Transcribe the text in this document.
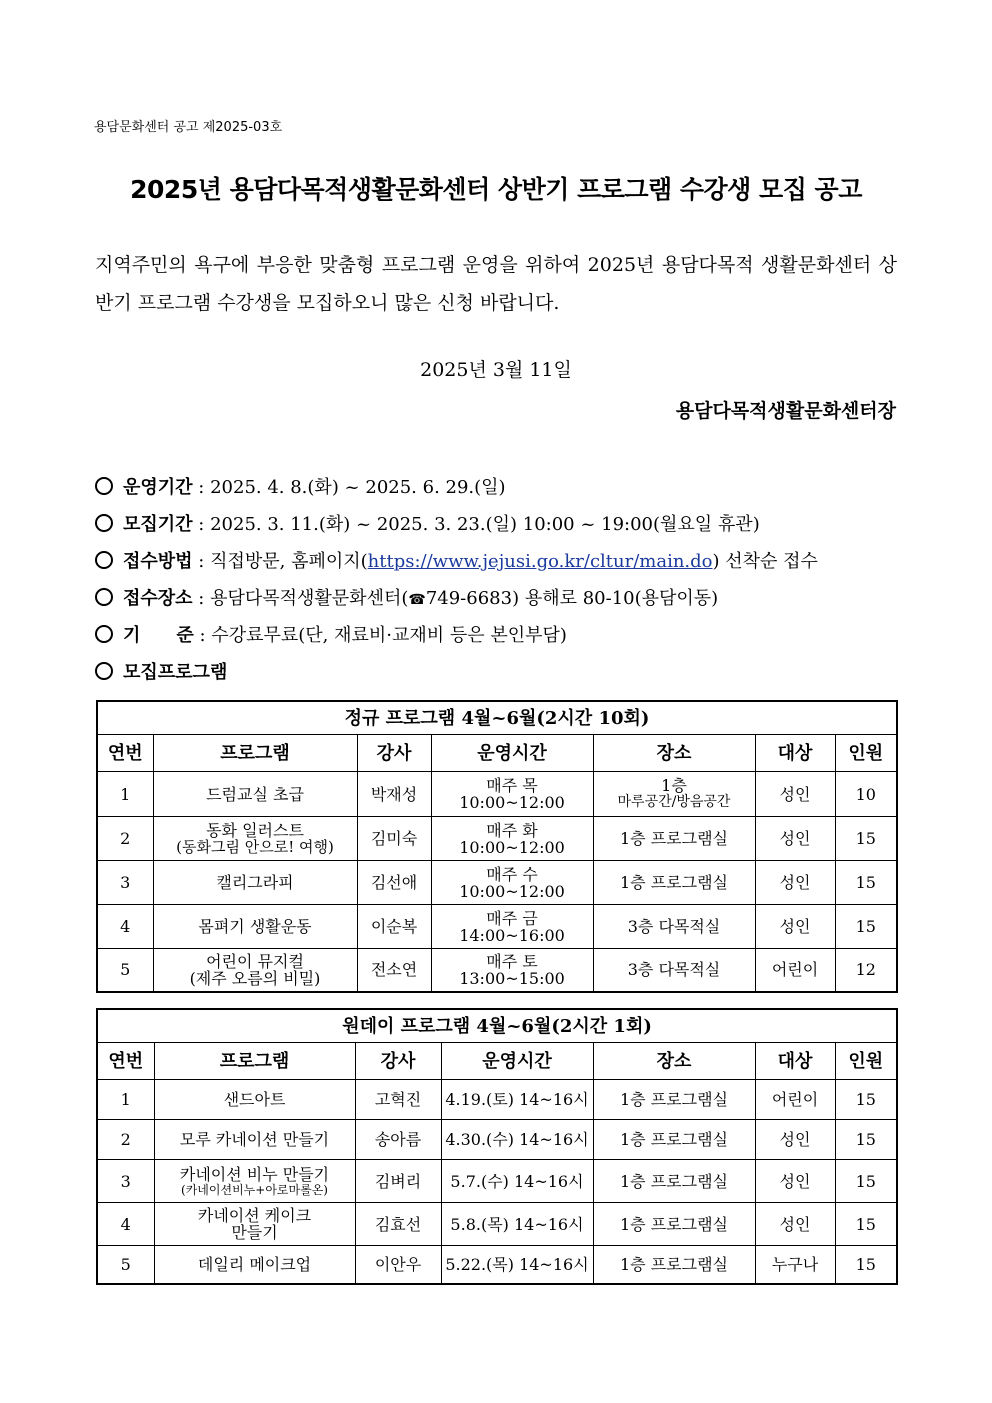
용담문화센터 공고 제2025-03호
2025년 용담다목적생활문화센터 상반기 프로그램 수강생 모집 공고
지역주민의 욕구에 부응한 맞춤형 프로그램 운영을 위하여 2025년 용담다목적 생활문화센터 상반기 프로그램 수강생을 모집하오니 많은 신청 바랍니다.
2025년 3월 11일
용담다목적생활문화센터장
운영기간 : 2025. 4. 8.(화) ~ 2025. 6. 29.(일)
모집기간 : 2025. 3. 11.(화) ~ 2025. 3. 23.(일) 10:00 ~ 19:00(월요일 휴관)
접수방법 : 직접방문, 홈페이지(https://www.jejusi.go.kr/cltur/main.do) 선착순 접수
접수장소 : 용담다목적생활문화센터(☎749-6683) 용해로 80-10(용담이동)
기　　준 : 수강료무료(단, 재료비·교재비 등은 본인부담)
모집프로그램
정규 프로그램 4월~6월(2시간 10회)						
연번	프로그램	강사	운영시간	장소	대상	인원
1	드럼교실 초급	박재성	매주 목
10:00~12:00	1층
마루공간/방음공간	성인	10
2	동화 일러스트
(동화그림 안으로! 여행)	김미숙	매주 화
10:00~12:00	1층 프로그램실	성인	15
3	캘리그라피	김선애	매주 수
10:00~12:00	1층 프로그램실	성인	15
4	몸펴기 생활운동	이순복	매주 금
14:00~16:00	3층 다목적실	성인	15
5	어린이 뮤지컬
(제주 오름의 비밀)	전소연	매주 토
13:00~15:00	3층 다목적실	어린이	12
원데이 프로그램 4월~6월(2시간 1회)						
연번	프로그램	강사	운영시간	장소	대상	인원
1	샌드아트	고혁진	4.19.(토) 14~16시	1층 프로그램실	어린이	15
2	모루 카네이션 만들기	송아름	4.30.(수) 14~16시	1층 프로그램실	성인	15
3	카네이션 비누 만들기
(카네이션비누+아로마롤온)	김벼리	5.7.(수) 14~16시	1층 프로그램실	성인	15
4	카네이션 케이크
만들기	김효선	5.8.(목) 14~16시	1층 프로그램실	성인	15
5	데일리 메이크업	이안우	5.22.(목) 14~16시	1층 프로그램실	누구나	15
